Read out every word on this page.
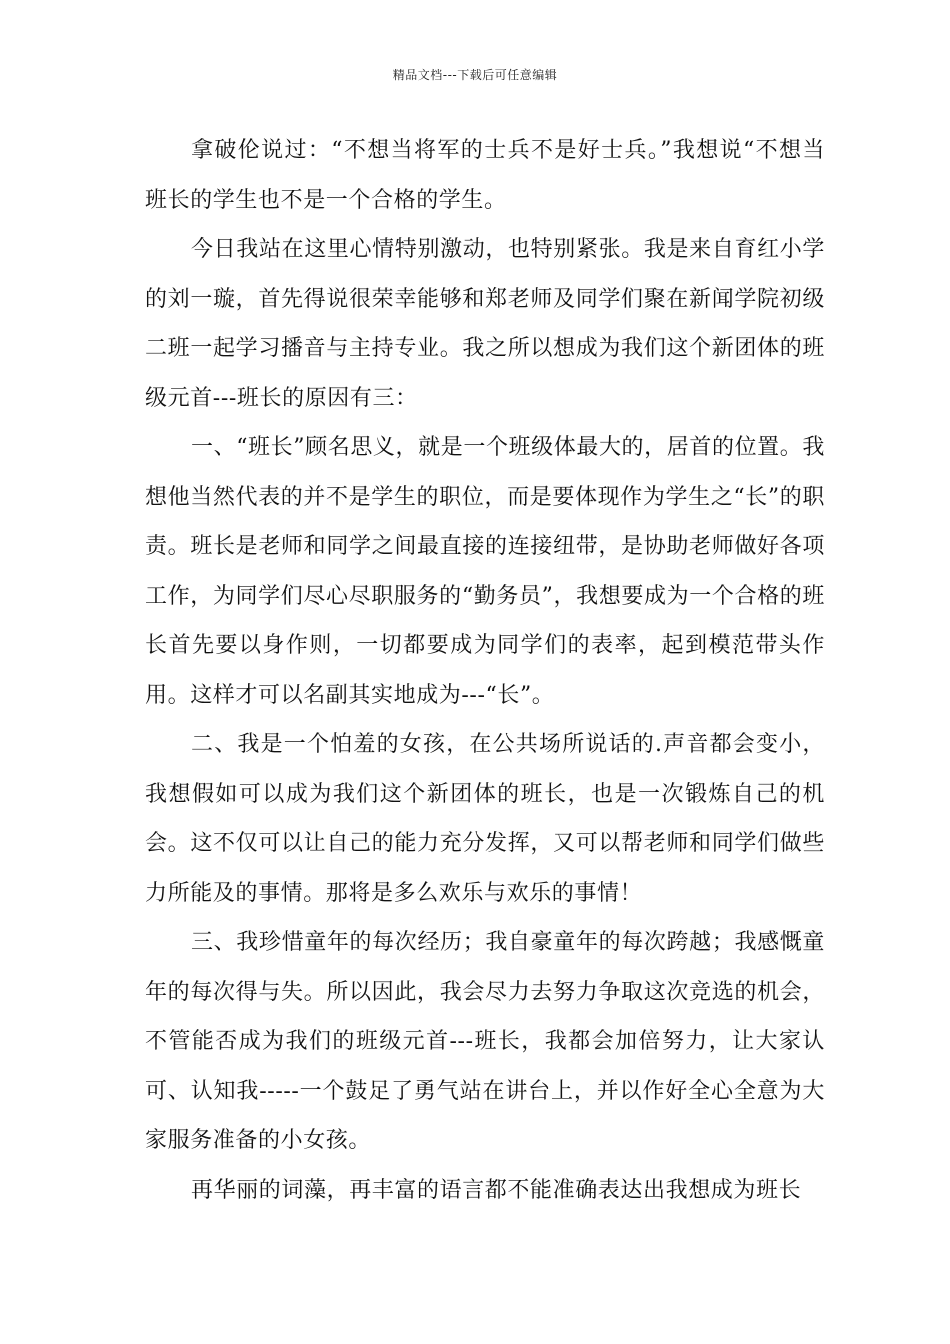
精品文档---下载后可任意编辑

拿破伦说过：“不想当将军的士兵不是好士兵。”我想说“不想当班长的学生也不是一个合格的学生。

今日我站在这里心情特别激动，也特别紧张。我是来自育红小学的刘一璇，首先得说很荣幸能够和郑老师及同学们聚在新闻学院初级二班一起学习播音与主持专业。我之所以想成为我们这个新团体的班级元首---班长的原因有三：

一、“班长”顾名思义，就是一个班级体最大的，居首的位置。我想他当然代表的并不是学生的职位，而是要体现作为学生之“长”的职责。班长是老师和同学之间最直接的连接纽带，是协助老师做好各项工作，为同学们尽心尽职服务的“勤务员”，我想要成为一个合格的班长首先要以身作则，一切都要成为同学们的表率，起到模范带头作用。这样才可以名副其实地成为---“长”。

二、我是一个怕羞的女孩，在公共场所说话的.声音都会变小，我想假如可以成为我们这个新团体的班长，也是一次锻炼自己的机会。这不仅可以让自己的能力充分发挥，又可以帮老师和同学们做些力所能及的事情。那将是多么欢乐与欢乐的事情！

三、我珍惜童年的每次经历；我自豪童年的每次跨越；我感慨童年的每次得与失。所以因此，我会尽力去努力争取这次竞选的机会，不管能否成为我们的班级元首---班长，我都会加倍努力，让大家认可、认知我-----一个鼓足了勇气站在讲台上，并以作好全心全意为大家服务准备的小女孩。

再华丽的词藻，再丰富的语言都不能准确表达出我想成为班长
